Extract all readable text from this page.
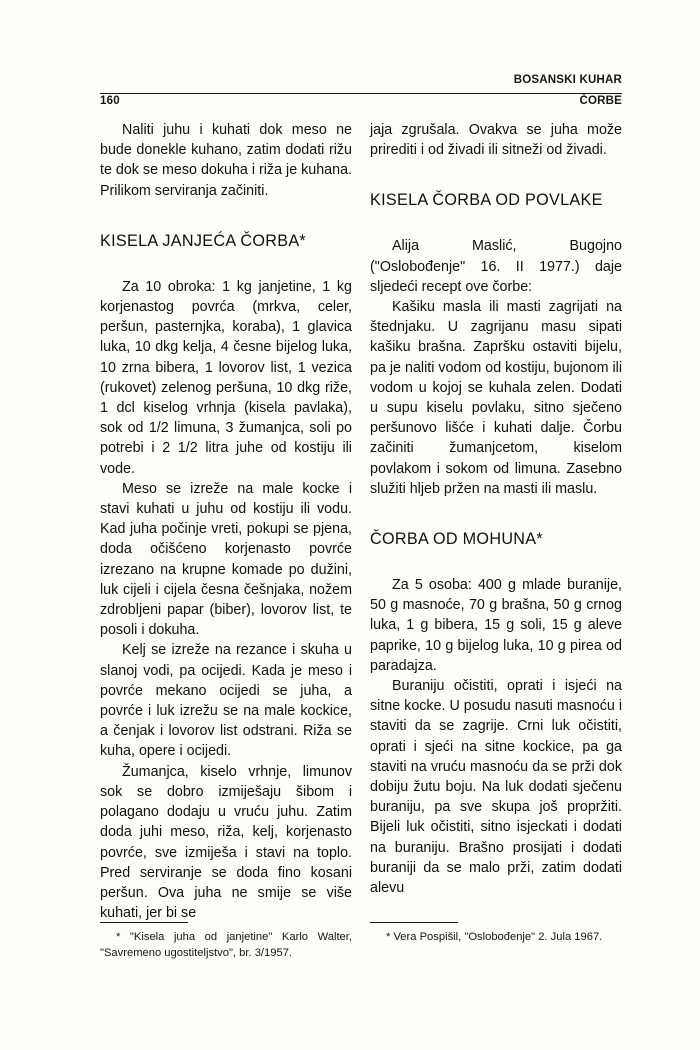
BOSANSKI KUHAR
160	ČORBE

Naliti juhu i kuhati dok meso ne bude donekle kuhano, zatim dodati rižu te dok se meso dokuha i riža je kuhana. Prilikom serviranja začiniti.

KISELA JANJEĆA ČORBA*

Za 10 obroka: 1 kg janjetine, 1 kg korjenastog povrća (mrkva, celer, peršun, pasternjka, koraba), 1 glavica luka, 10 dkg kelja, 4 česne bijelog luka, 10 zrna bibera, 1 lovorov list, 1 vezica (rukovet) zelenog peršuna, 10 dkg riže, 1 dcl kiselog vrhnja (kisela pavlaka), sok od 1/2 limuna, 3 žumanjca, soli po potrebi i 2 1/2 litra juhe od kostiju ili vode.

Meso se izreže na male kocke i stavi kuhati u juhu od kostiju ili vodu. Kad juha počinje vreti, pokupi se pjena, doda očišćeno korjenasto povrće izrezano na krupne komade po dužini, luk cijeli i cijela česna češnjaka, nožem zdrobljeni papar (biber), lovorov list, te posoli i dokuha.

Kelj se izreže na rezance i skuha u slanoj vodi, pa ocijedi. Kada je meso i povrće mekano ocijedi se juha, a povrće i luk izrežu se na male kockice, a čenjak i lovorov list odstrani. Riža se kuha, opere i ocijedi.

Žumanjca, kiselo vrhnje, limunov sok se dobro izmiješaju šibom i polagano dodaju u vruću juhu. Zatim doda juhi meso, riža, kelj, korjenasto povrće, sve izmiješa i stavi na toplo. Pred serviranje se doda fino kosani peršun. Ova juha ne smije se više kuhati, jer bi se

jaja zgrušala. Ovakva se juha može prirediti i od živadi ili sitneži od živadi.

KISELA ČORBA OD POVLAKE

Alija Maslić, Bugojno ("Oslobođenje" 16. II 1977.) daje sljedeći recept ove čorbe:

Kašiku masla ili masti zagrijati na štednjaku. U zagrijanu masu sipati kašiku brašna. Zapršku ostaviti bijelu, pa je naliti vodom od kostiju, bujonom ili vodom u kojoj se kuhala zelen. Dodati u supu kiselu povlaku, sitno sječeno peršunovo lišće i kuhati dalje. Čorbu začiniti žumanjcetom, kiselom povlakom i sokom od limuna. Zasebno služiti hljeb pržen na masti ili maslu.

ČORBA OD MOHUNA*

Za 5 osoba: 400 g mlade buranije, 50 g masnoće, 70 g brašna, 50 g crnog luka, 1 g bibera, 15 g soli, 15 g aleve paprike, 10 g bijelog luka, 10 g pirea od paradajza.

Buraniju očistiti, oprati i isjeći na sitne kocke. U posudu nasuti masnoću i staviti da se zagrije. Crni luk očistiti, oprati i sjeći na sitne kockice, pa ga staviti na vruću masnoću da se prži dok dobiju žutu boju. Na luk dodati sječenu buraniju, pa sve skupa još propržiti. Bijeli luk očistiti, sitno isjeckati i dodati na buraniju. Brašno prosijati i dodati buraniji da se malo prži, zatim dodati alevu

* "Kisela juha od janjetine" Karlo Walter, "Savremeno ugostiteljstvo", br. 3/1957.

* Vera Pospišil, "Oslobođenje" 2. Jula 1967.
